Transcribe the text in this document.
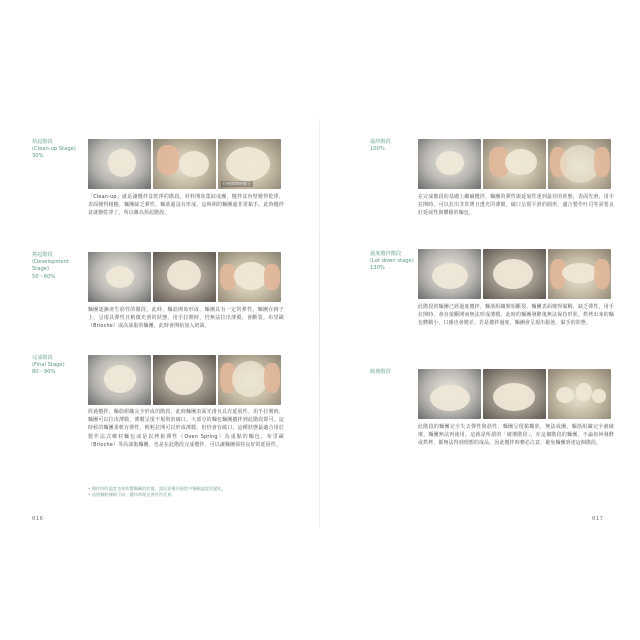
拾起階段
(Clean-up Stage)
30%
拉展開時的樣子
「Clean-up」就是讓攪拌盆乾淨的階段。材料開始集結成團，攪拌盆內壁變得乾淨，表面變得粗糙，麵團缺乏彈性，麵筋還沒有形成，這時期的麵團還非常黏手。此時攪拌盆就變乾淨了，所以稱為拾起階段。
捲起階段
(Development Stage)
50～60%
麵團逐漸產生筋性的階段。此時，麵筋開始形成，麵團具有一定的彈性。麵團在鉤子上，呈現具彈性且稍微光滑的狀態。用手拉開時，仍無法拉出薄膜，會斷裂。布里歐（Brioche）或高油脂的麵團，此時會開始加入奶油。
完成階段
(Final Stage)
80～90%
經過攪拌，麵筋組織完全形成的階段，此時麵團表面光滑且具有延展性，用手拉開時，麵團可以拉出薄膜，薄膜呈現不規則的破口。大部分的麵包麵團攪拌到此階段即可。這時候的麵團柔軟有彈性，輕輕拉開可以形成薄膜，但仍會有破口。這種狀態最適合用於製作法式鄉村麵包或是以烤箱彈性（Oven Spring）為重點的麵包。布里歐（Brioche）等高油脂麵團，也是在此階段完成攪拌，可以讓麵團保持良好的延展性。
• 攪拌時的溫度也會影響麵團的狀態，請留意攪拌過程中麵團溫度的變化。
• 依照麵粉種類不同，攪拌時間也會有所差異。
016
最終階段
100%
在完成階段的基礎上繼續攪拌，麵團的彈性與延展性達到最佳的狀態，表面光滑，用手拉開時，可以拉出非常薄且透光的薄膜，破口呈現平滑的圓形。適合製作吐司等需要良好延展性與體積的麵包。
過度攪拌階段
(Let down stage)
130%
此階段的麵團已經過度攪拌，麵筋組織開始斷裂，麵團表面變得黏稠、缺乏彈性，用手拉開時，會直接斷開而無法形成薄膜。此時的麵團發酵後無法保持形狀，烘烤出來的麵包體積小，口感也會變差。若是攪拌過度，麵團會呈現出鬆弛、黏手的狀態。
破壞階段
此階段的麵團完全失去彈性與筋性，麵團呈現黏糊狀，無法成團。麵筋組織完全被破壞，麵團無法再使用。這就是所謂的「破壞階段」。在這個階段的麵團，不論如何發酵或烘烤，都無法得到理想的成品，因此攪拌時務必注意，避免麵團到達這個階段。
017
